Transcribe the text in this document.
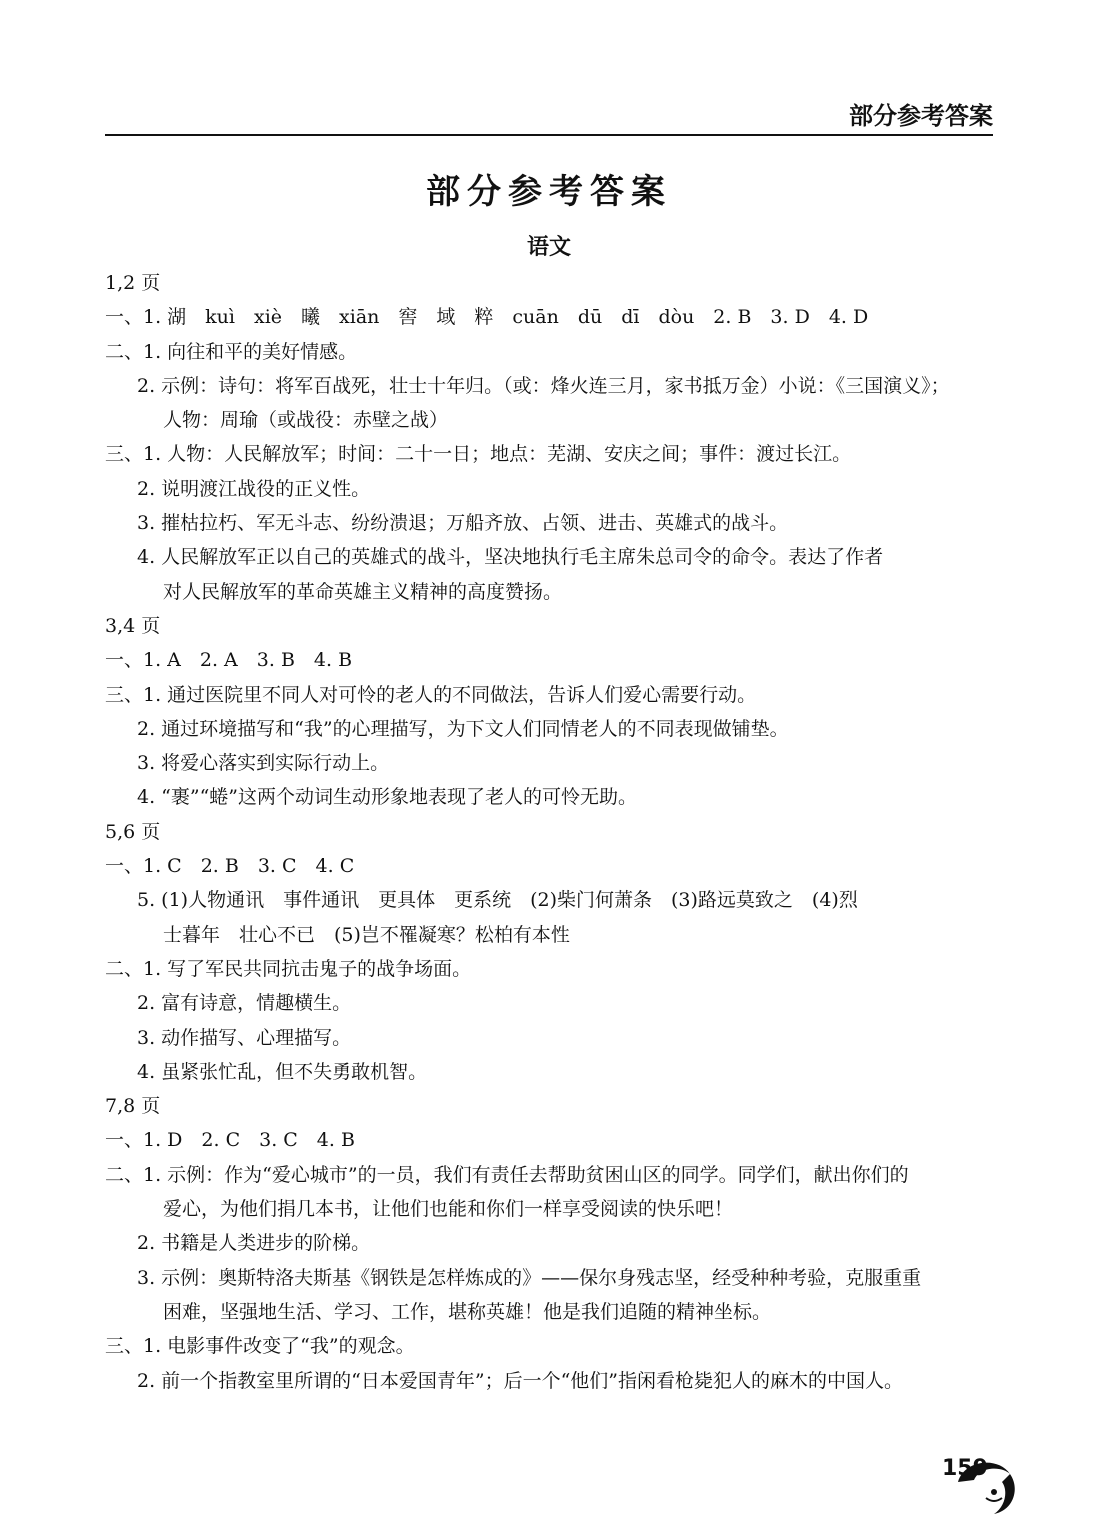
部分参考答案
部分参考答案
语文
1,2 页
一、1. 湖　kuì　xiè　曦　xiān　窖　域　粹　cuān　dū　dī　dòu　2. B　3. D　4. D
二、1. 向往和平的美好情感。
2. 示例：诗句：将军百战死，壮士十年归。（或：烽火连三月，家书抵万金）小说：《三国演义》；
人物：周瑜（或战役：赤壁之战）
三、1. 人物：人民解放军；时间：二十一日；地点：芜湖、安庆之间；事件：渡过长江。
2. 说明渡江战役的正义性。
3. 摧枯拉朽、军无斗志、纷纷溃退；万船齐放、占领、进击、英雄式的战斗。
4. 人民解放军正以自己的英雄式的战斗，坚决地执行毛主席朱总司令的命令。表达了作者
对人民解放军的革命英雄主义精神的高度赞扬。
3,4 页
一、1. A　2. A　3. B　4. B
三、1. 通过医院里不同人对可怜的老人的不同做法，告诉人们爱心需要行动。
2. 通过环境描写和“我”的心理描写，为下文人们同情老人的不同表现做铺垫。
3. 将爱心落实到实际行动上。
4. “裹”“蜷”这两个动词生动形象地表现了老人的可怜无助。
5,6 页
一、1. C　2. B　3. C　4. C
5. (1)人物通讯　事件通讯　更具体　更系统　(2)柴门何萧条　(3)路远莫致之　(4)烈
士暮年　壮心不已　(5)岂不罹凝寒？松柏有本性
二、1. 写了军民共同抗击鬼子的战争场面。
2. 富有诗意，情趣横生。
3. 动作描写、心理描写。
4. 虽紧张忙乱，但不失勇敢机智。
7,8 页
一、1. D　2. C　3. C　4. B
二、1. 示例：作为“爱心城市”的一员，我们有责任去帮助贫困山区的同学。同学们，献出你们的
爱心，为他们捐几本书，让他们也能和你们一样享受阅读的快乐吧！
2. 书籍是人类进步的阶梯。
3. 示例：奥斯特洛夫斯基《钢铁是怎样炼成的》——保尔身残志坚，经受种种考验，克服重重
困难，坚强地生活、学习、工作，堪称英雄！他是我们追随的精神坐标。
三、1. 电影事件改变了“我”的观念。
2. 前一个指教室里所谓的“日本爱国青年”；后一个“他们”指闲看枪毙犯人的麻木的中国人。
159
